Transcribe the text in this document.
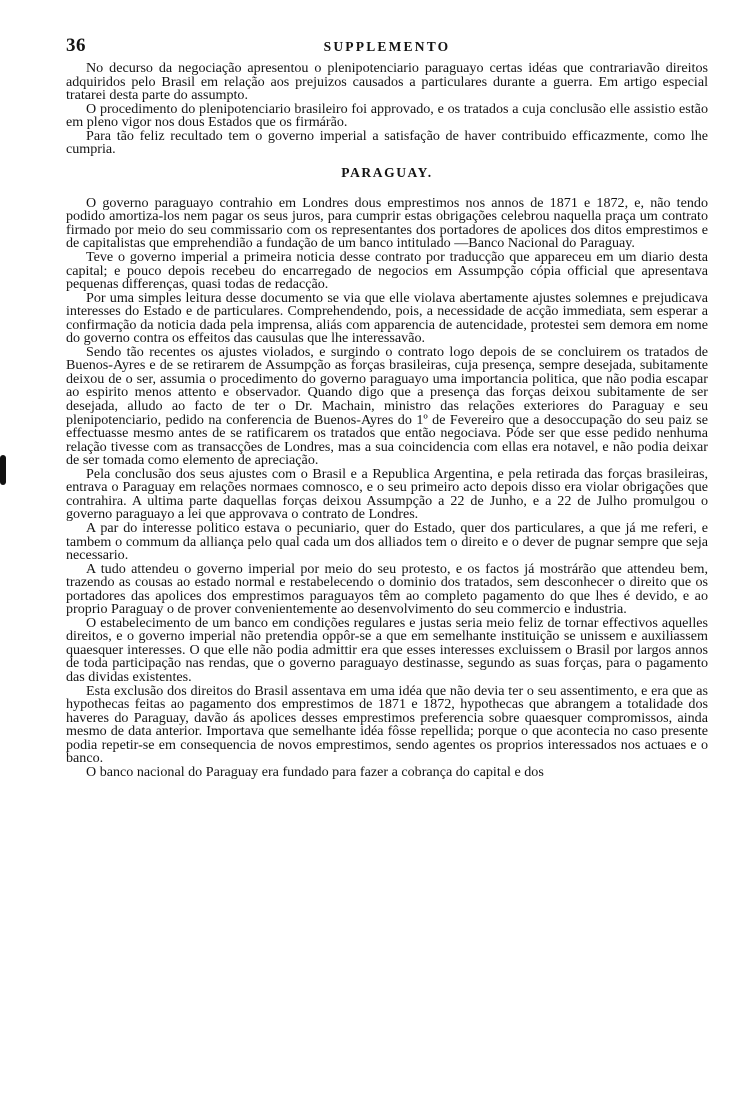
36	SUPPLEMENTO

No decurso da negociação apresentou o plenipotenciario paraguayo certas idéas que contrariavão direitos adquiridos pelo Brasil em relação aos prejuizos causados a particulares durante a guerra. Em artigo especial tratarei desta parte do assumpto.

O procedimento do plenipotenciario brasileiro foi approvado, e os tratados a cuja conclusão elle assistio estão em pleno vigor nos dous Estados que os firmárão.

Para tão feliz recultado tem o governo imperial a satisfação de haver contribuido efficazmente, como lhe cumpria.

PARAGUAY.

O governo paraguayo contrahio em Londres dous emprestimos nos annos de 1871 e 1872, e, não tendo podido amortiza-los nem pagar os seus juros, para cumprir estas obrigações celebrou naquella praça um contrato firmado por meio do seu commissario com os representantes dos portadores de apolices dos ditos emprestimos e de capitalistas que emprehendião a fundação de um banco intitulado —Banco Nacional do Paraguay.

Teve o governo imperial a primeira noticia desse contrato por traducção que appareceu em um diario desta capital; e pouco depois recebeu do encarregado de negocios em Assumpção cópia official que apresentava pequenas differenças, quasi todas de redacção.

Por uma simples leitura desse documento se via que elle violava abertamente ajustes solemnes e prejudicava interesses do Estado e de particulares. Comprehendendo, pois, a necessidade de acção immediata, sem esperar a confirmação da noticia dada pela imprensa, aliás com apparencia de autencidade, protestei sem demora em nome do governo contra os effeitos das causulas que lhe interessavão.

Sendo tão recentes os ajustes violados, e surgindo o contrato logo depois de se concluirem os tratados de Buenos-Ayres e de se retirarem de Assumpção as forças brasileiras, cuja presença, sempre desejada, subitamente deixou de o ser, assumia o procedimento do governo paraguayo uma importancia politica, que não podia escapar ao espirito menos attento e observador. Quando digo que a presença das forças deixou subitamente de ser desejada, alludo ao facto de ter o Dr. Machain, ministro das relações exteriores do Paraguay e seu plenipotenciario, pedido na conferencia de Buenos-Ayres do 1º de Fevereiro que a desoccupação do seu paiz se effectuasse mesmo antes de se ratificarem os tratados que então negociava. Póde ser que esse pedido nenhuma relação tivesse com as transacções de Londres, mas a sua coincidencia com ellas era notavel, e não podia deixar de ser tomada como elemento de apreciação.

Pela conclusão dos seus ajustes com o Brasil e a Republica Argentina, e pela retirada das forças brasileiras, entrava o Paraguay em relações normaes comnosco, e o seu primeiro acto depois disso era violar obrigações que contrahira. A ultima parte daquellas forças deixou Assumpção a 22 de Junho, e a 22 de Julho promulgou o governo paraguayo a lei que approvava o contrato de Londres.

A par do interesse politico estava o pecuniario, quer do Estado, quer dos particulares, a que já me referi, e tambem o commum da alliança pelo qual cada um dos alliados tem o direito e o dever de pugnar sempre que seja necessario.

A tudo attendeu o governo imperial por meio do seu protesto, e os factos já mostrárão que attendeu bem, trazendo as cousas ao estado normal e restabelecendo o dominio dos tratados, sem desconhecer o direito que os portadores das apolices dos emprestimos paraguayos têm ao completo pagamento do que lhes é devido, e ao proprio Paraguay o de prover convenientemente ao desenvolvimento do seu commercio e industria.

O estabelecimento de um banco em condições regulares e justas seria meio feliz de tornar effectivos aquelles direitos, e o governo imperial não pretendia oppôr-se a que em semelhante instituição se unissem e auxiliassem quaesquer interesses. O que elle não podia admittir era que esses interesses excluissem o Brasil por largos annos de toda participação nas rendas, que o governo paraguayo destinasse, segundo as suas forças, para o pagamento das dividas existentes.

Esta exclusão dos direitos do Brasil assentava em uma idéa que não devia ter o seu assentimento, e era que as hypothecas feitas ao pagamento dos emprestimos de 1871 e 1872, hypothecas que abrangem a totalidade dos haveres do Paraguay, davão ás apolices desses emprestimos preferencia sobre quaesquer compromissos, ainda mesmo de data anterior. Importava que semelhante idéa fôsse repellida; porque o que acontecia no caso presente podia repetir-se em consequencia de novos emprestimos, sendo agentes os proprios interessados nos actuaes e o banco.

O banco nacional do Paraguay era fundado para fazer a cobrança do capital e dos
